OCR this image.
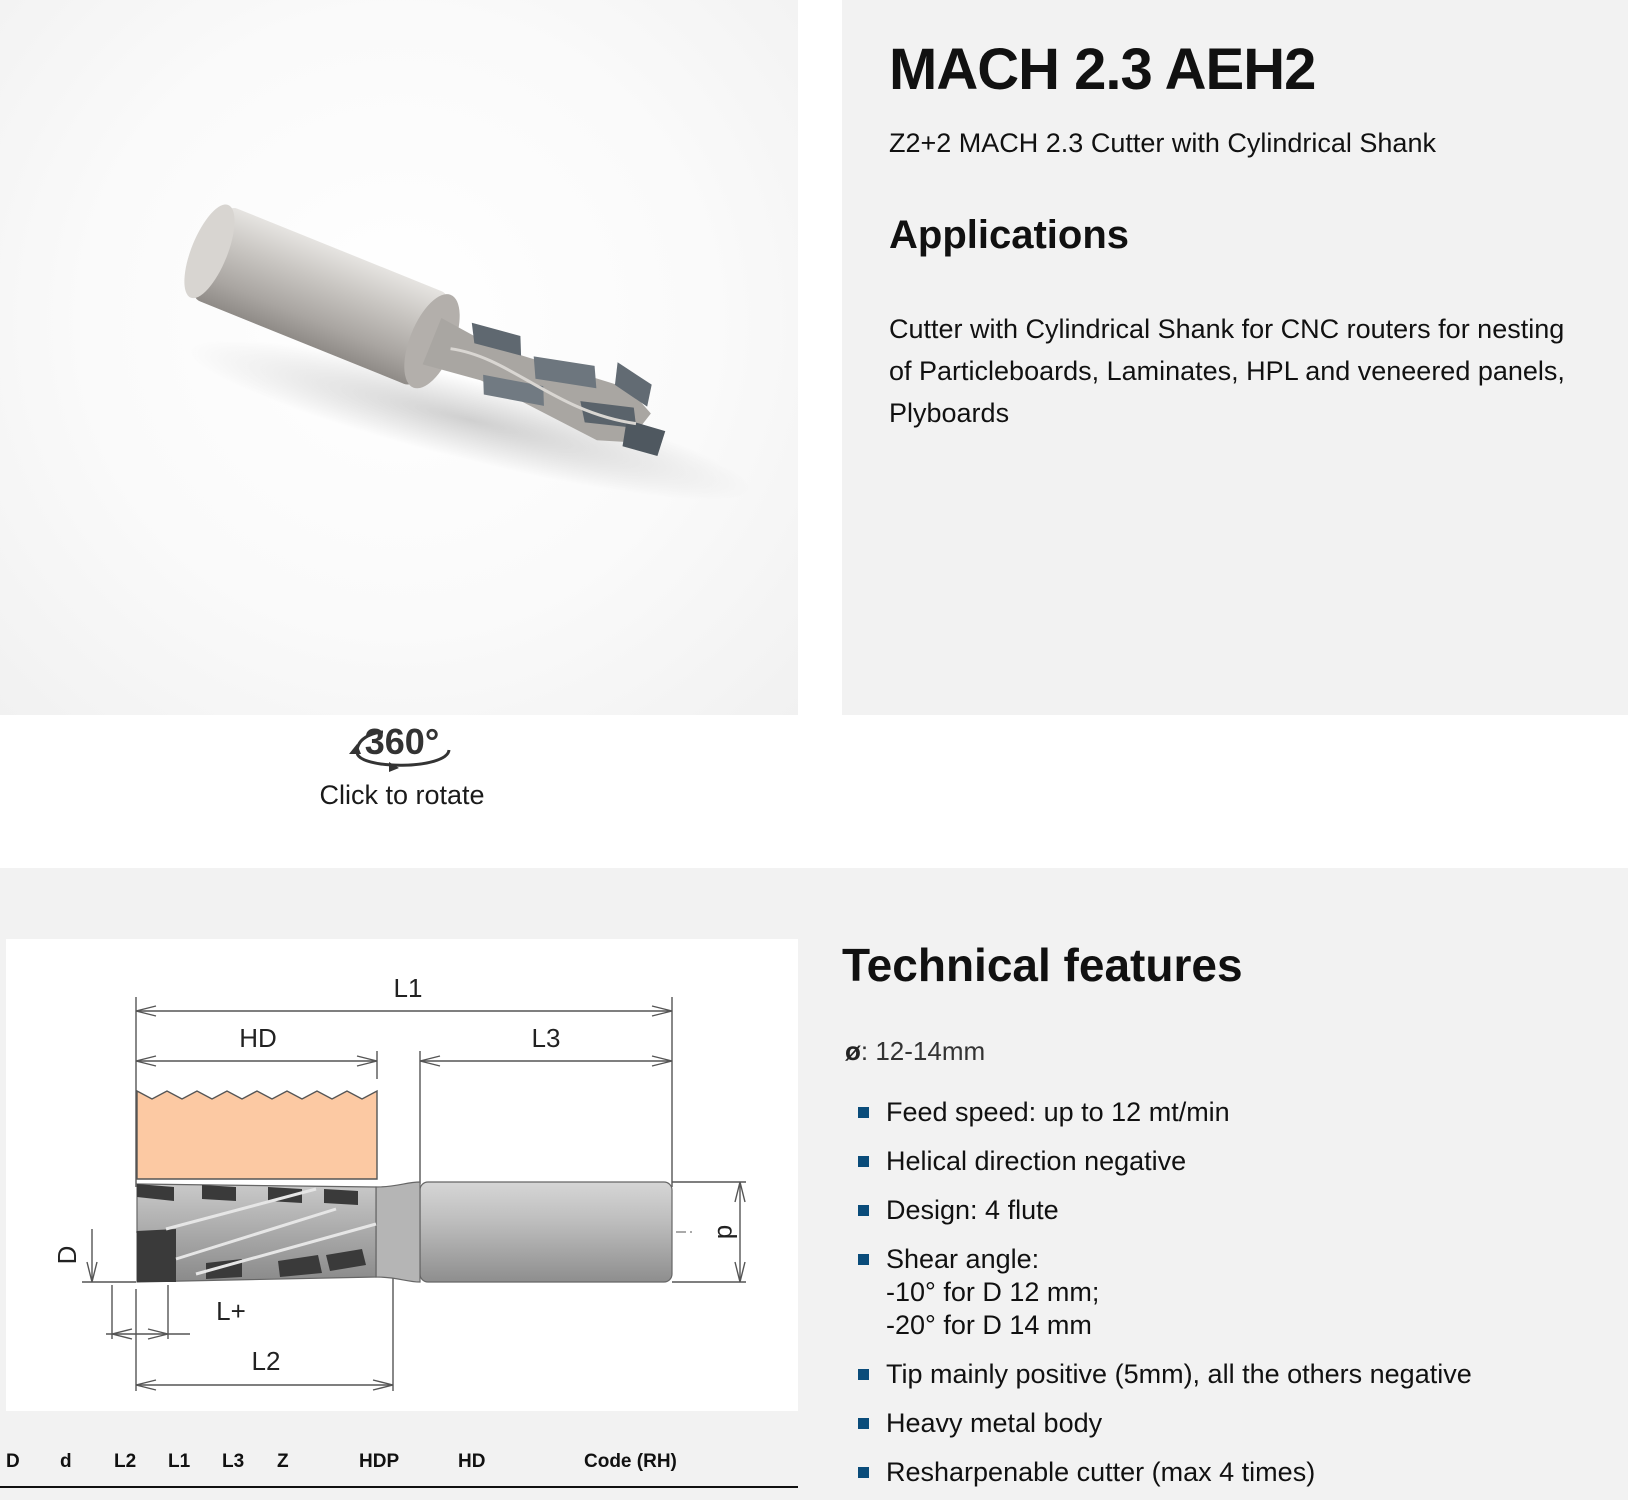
360°
Click to rotate
MACH 2.3 AEH2
Z2+2 MACH 2.3 Cutter with Cylindrical Shank
Applications
Cutter with Cylindrical Shank for CNC routers for nesting of Particleboards, Laminates, HPL and veneered panels, Plyboards
L1
HD	L3
d
D
L+
L2
D d L2 L1 L3 Z	HDP	HD	Code (RH)
Technical features
ø: 12-14mm
Feed speed: up to 12 mt/min
Helical direction negative
Design: 4 flute
Shear angle:
-10° for D 12 mm;
-20° for D 14 mm
Tip mainly positive (5mm), all the others negative
Heavy metal body
Resharpenable cutter (max 4 times)
